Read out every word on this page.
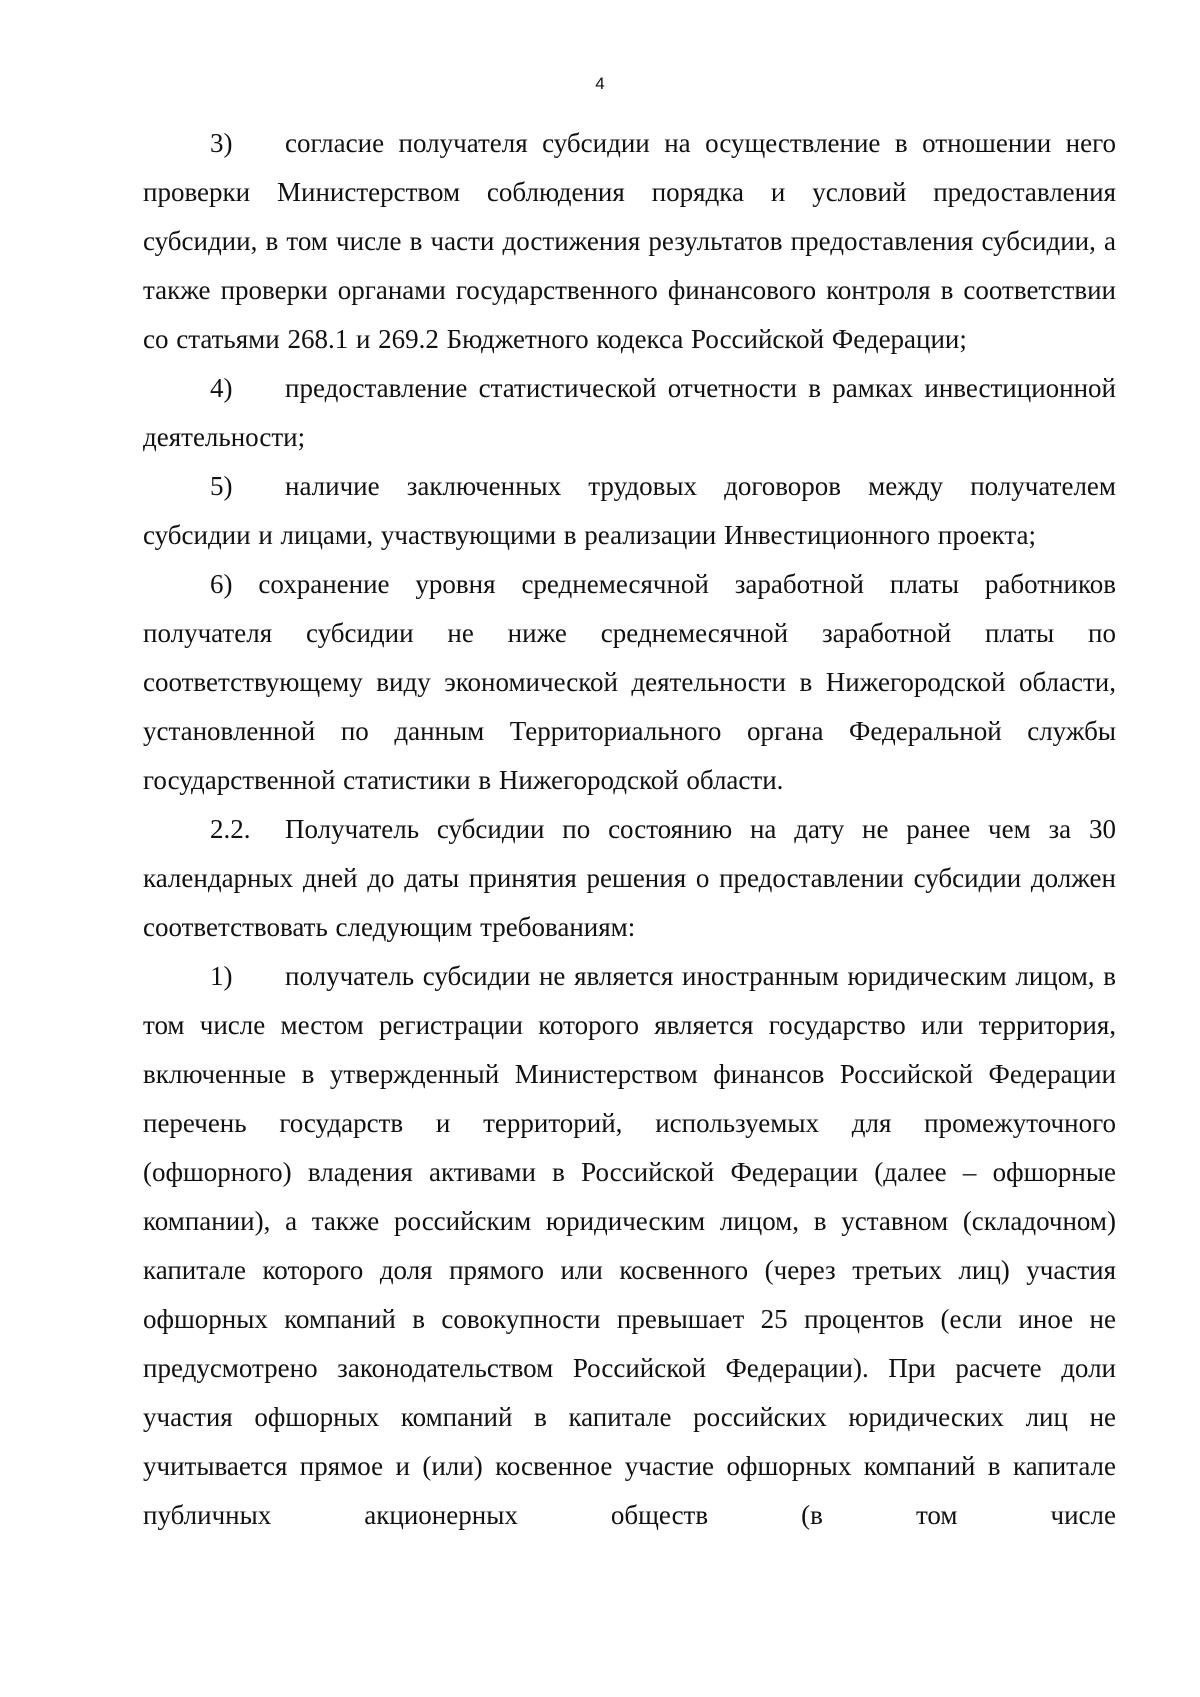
4

3) согласие получателя субсидии на осуществление в отношении него проверки Министерством соблюдения порядка и условий предоставления субсидии, в том числе в части достижения результатов предоставления субсидии, а также проверки органами государственного финансового контроля в соответствии со статьями 268.1 и 269.2 Бюджетного кодекса Российской Федерации;

4) предоставление статистической отчетности в рамках инвестиционной деятельности;

5) наличие заключенных трудовых договоров между получателем субсидии и лицами, участвующими в реализации Инвестиционного проекта;

6) сохранение уровня среднемесячной заработной платы работников получателя субсидии не ниже среднемесячной заработной платы по соответствующему виду экономической деятельности в Нижегородской области, установленной по данным Территориального органа Федеральной службы государственной статистики в Нижегородской области.

2.2. Получатель субсидии по состоянию на дату не ранее чем за 30 календарных дней до даты принятия решения о предоставлении субсидии должен соответствовать следующим требованиям:

1) получатель субсидии не является иностранным юридическим лицом, в том числе местом регистрации которого является государство или территория, включенные в утвержденный Министерством финансов Российской Федерации перечень государств и территорий, используемых для промежуточного (офшорного) владения активами в Российской Федерации (далее – офшорные компании), а также российским юридическим лицом, в уставном (складочном) капитале которого доля прямого или косвенного (через третьих лиц) участия офшорных компаний в совокупности превышает 25 процентов (если иное не предусмотрено законодательством Российской Федерации). При расчете доли участия офшорных компаний в капитале российских юридических лиц не учитывается прямое и (или) косвенное участие офшорных компаний в капитале публичных акционерных обществ (в том числе
